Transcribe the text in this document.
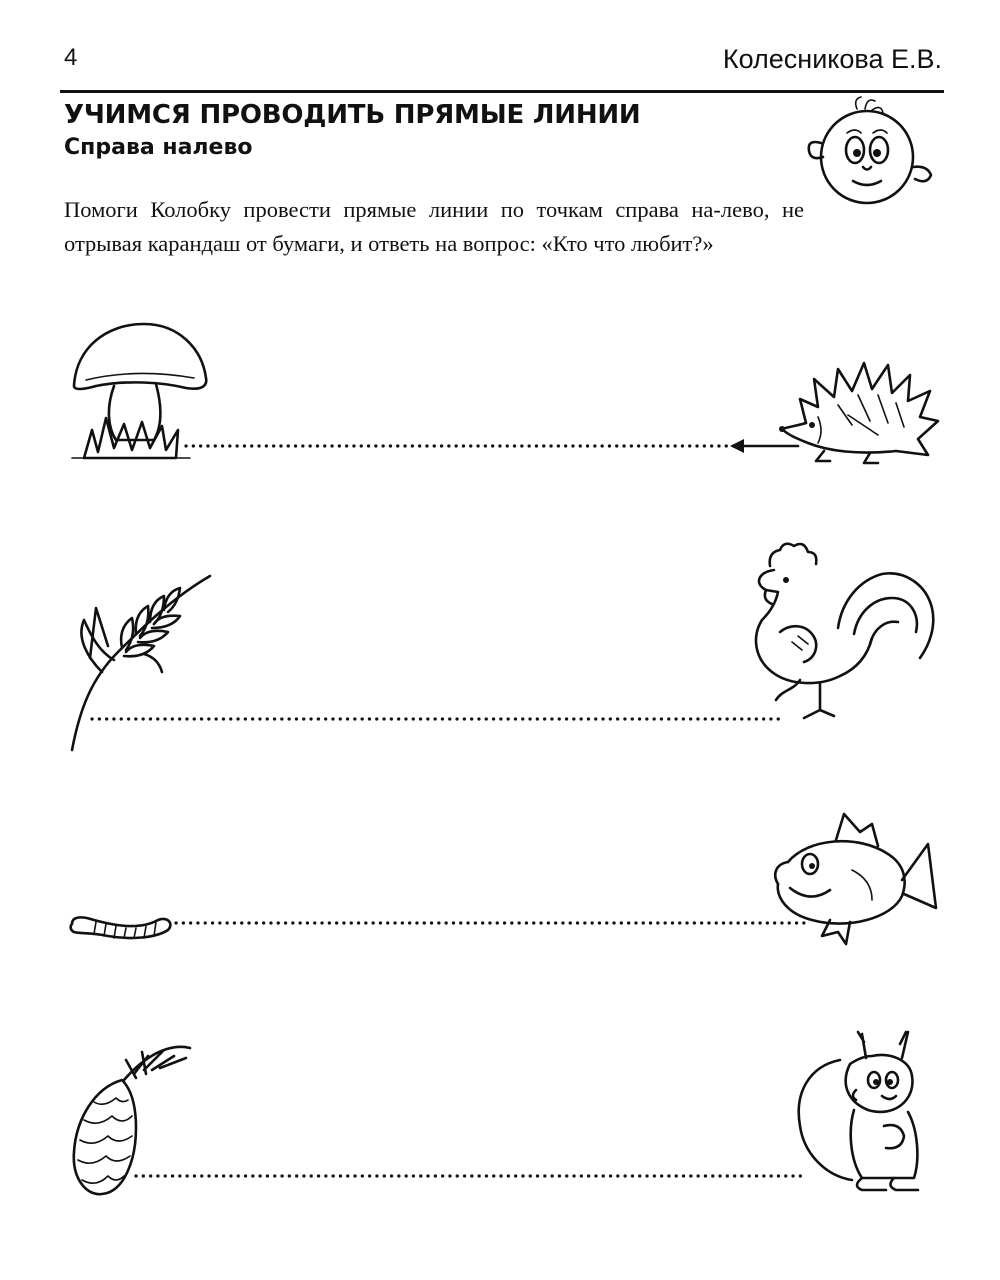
4	Колесникова Е.В.
УЧИМСЯ ПРОВОДИТЬ ПРЯМЫЕ ЛИНИИ
Справа налево
Помоги Колобку провести прямые линии по точкам справа на-лево, не отрывая карандаш от бумаги, и ответь на вопрос: «Кто что любит?»
